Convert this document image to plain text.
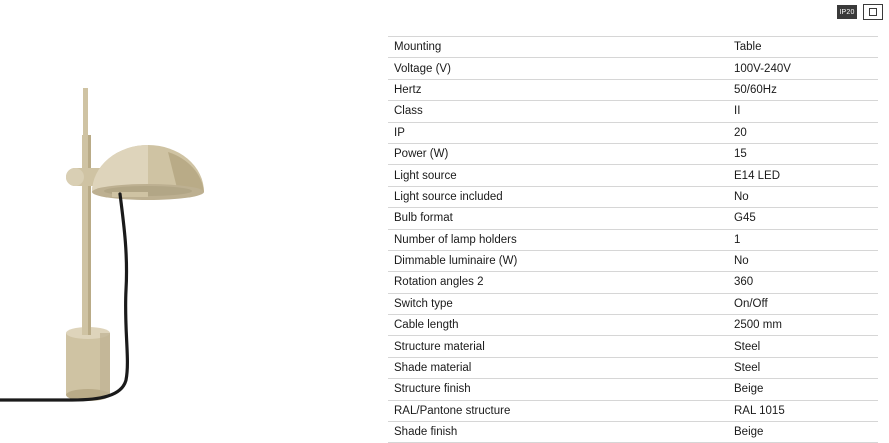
IP20
Mounting	Table
Voltage (V)	100V-240V
Hertz	50/60Hz
Class	II
IP	20
Power (W)	15
Light source	E14 LED
Light source included	No
Bulb format	G45
Number of lamp holders	1
Dimmable luminaire (W)	No
Rotation angles 2	360
Switch type	On/Off
Cable length	2500 mm
Structure material	Steel
Shade material	Steel
Structure finish	Beige
RAL/Pantone structure	RAL 1015
Shade finish	Beige
